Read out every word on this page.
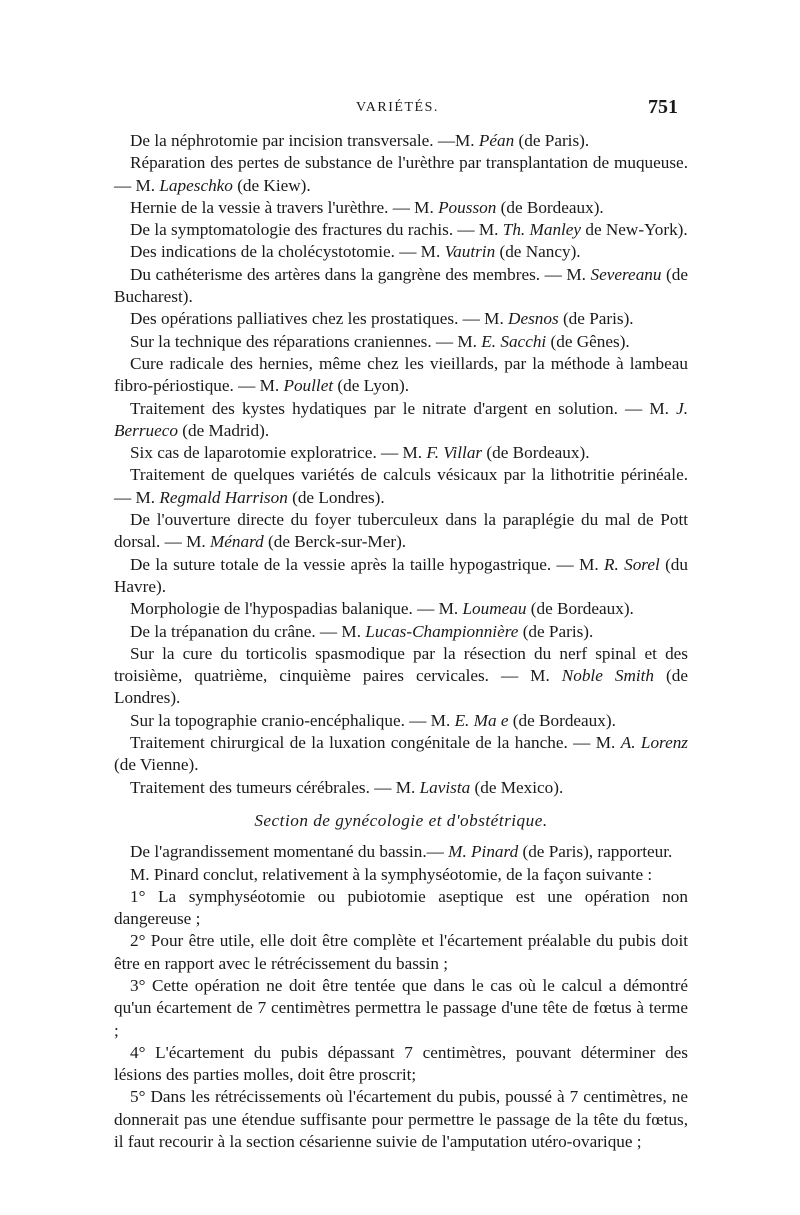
VARIÉTÉS.	751

De la néphrotomie par incision transversale. —M. Péan (de Paris).

Réparation des pertes de substance de l'urèthre par transplantation de muqueuse. — M. Lapeschko (de Kiew).

Hernie de la vessie à travers l'urèthre. — M. Pousson (de Bordeaux).

De la symptomatologie des fractures du rachis. — M. Th. Manley de New-York).

Des indications de la cholécystotomie. — M. Vautrin (de Nancy).

Du cathéterisme des artères dans la gangrène des membres. — M. Severeanu (de Bucharest).

Des opérations palliatives chez les prostatiques. — M. Desnos (de Paris).

Sur la technique des réparations craniennes. — M. E. Sacchi (de Gênes).

Cure radicale des hernies, même chez les vieillards, par la méthode à lambeau fibro-périostique. — M. Poullet (de Lyon).

Traitement des kystes hydatiques par le nitrate d'argent en solution. — M. J. Berrueco (de Madrid).

Six cas de laparotomie exploratrice. — M. F. Villar (de Bordeaux).

Traitement de quelques variétés de calculs vésicaux par la lithotritie périnéale. — M. Regmald Harrison (de Londres).

De l'ouverture directe du foyer tuberculeux dans la paraplégie du mal de Pott dorsal. — M. Ménard (de Berck-sur-Mer).

De la suture totale de la vessie après la taille hypogastrique. — M. R. Sorel (du Havre).

Morphologie de l'hypospadias balanique. — M. Loumeau (de Bordeaux).

De la trépanation du crâne. — M. Lucas-Championnière (de Paris).

Sur la cure du torticolis spasmodique par la résection du nerf spinal et des troisième, quatrième, cinquième paires cervicales. — M. Noble Smith (de Londres).

Sur la topographie cranio-encéphalique. — M. E. Ma e (de Bordeaux).

Traitement chirurgical de la luxation congénitale de la hanche. — M. A. Lorenz (de Vienne).

Traitement des tumeurs cérébrales. — M. Lavista (de Mexico).

Section de gynécologie et d'obstétrique.

De l'agrandissement momentané du bassin.— M. Pinard (de Paris), rapporteur.

M. Pinard conclut, relativement à la symphyséotomie, de la façon suivante :

1° La symphyséotomie ou pubiotomie aseptique est une opération non dangereuse ;

2° Pour être utile, elle doit être complète et l'écartement préalable du pubis doit être en rapport avec le rétrécissement du bassin ;

3° Cette opération ne doit être tentée que dans le cas où le calcul a démontré qu'un écartement de 7 centimètres permettra le passage d'une tête de fœtus à terme ;

4° L'écartement du pubis dépassant 7 centimètres, pouvant déterminer des lésions des parties molles, doit être proscrit;

5° Dans les rétrécissements où l'écartement du pubis, poussé à 7 centimètres, ne donnerait pas une étendue suffisante pour permettre le passage de la tête du fœtus, il faut recourir à la section césarienne suivie de l'amputation utéro-ovarique ;
